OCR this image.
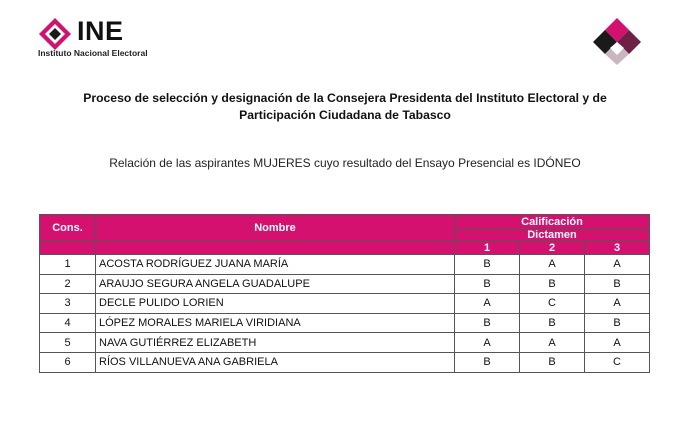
INE
Instituto Nacional Electoral
Proceso de selección y designación de la Consejera Presidenta del Instituto Electoral y de
Participación Ciudadana de Tabasco
Relación de las aspirantes MUJERES cuyo resultado del Ensayo Presencial es IDÓNEO
Cons.	Nombre	Calificación		
		Dictamen		
		1	2	3
1	ACOSTA RODRÍGUEZ JUANA MARÍA	B	A	A
2	ARAUJO SEGURA ANGELA GUADALUPE	B	B	B
3	DECLE PULIDO LORIEN	A	C	A
4	LÓPEZ MORALES MARIELA VIRIDIANA	B	B	B
5	NAVA GUTIÉRREZ ELIZABETH	A	A	A
6	RÍOS VILLANUEVA ANA GABRIELA	B	B	C
